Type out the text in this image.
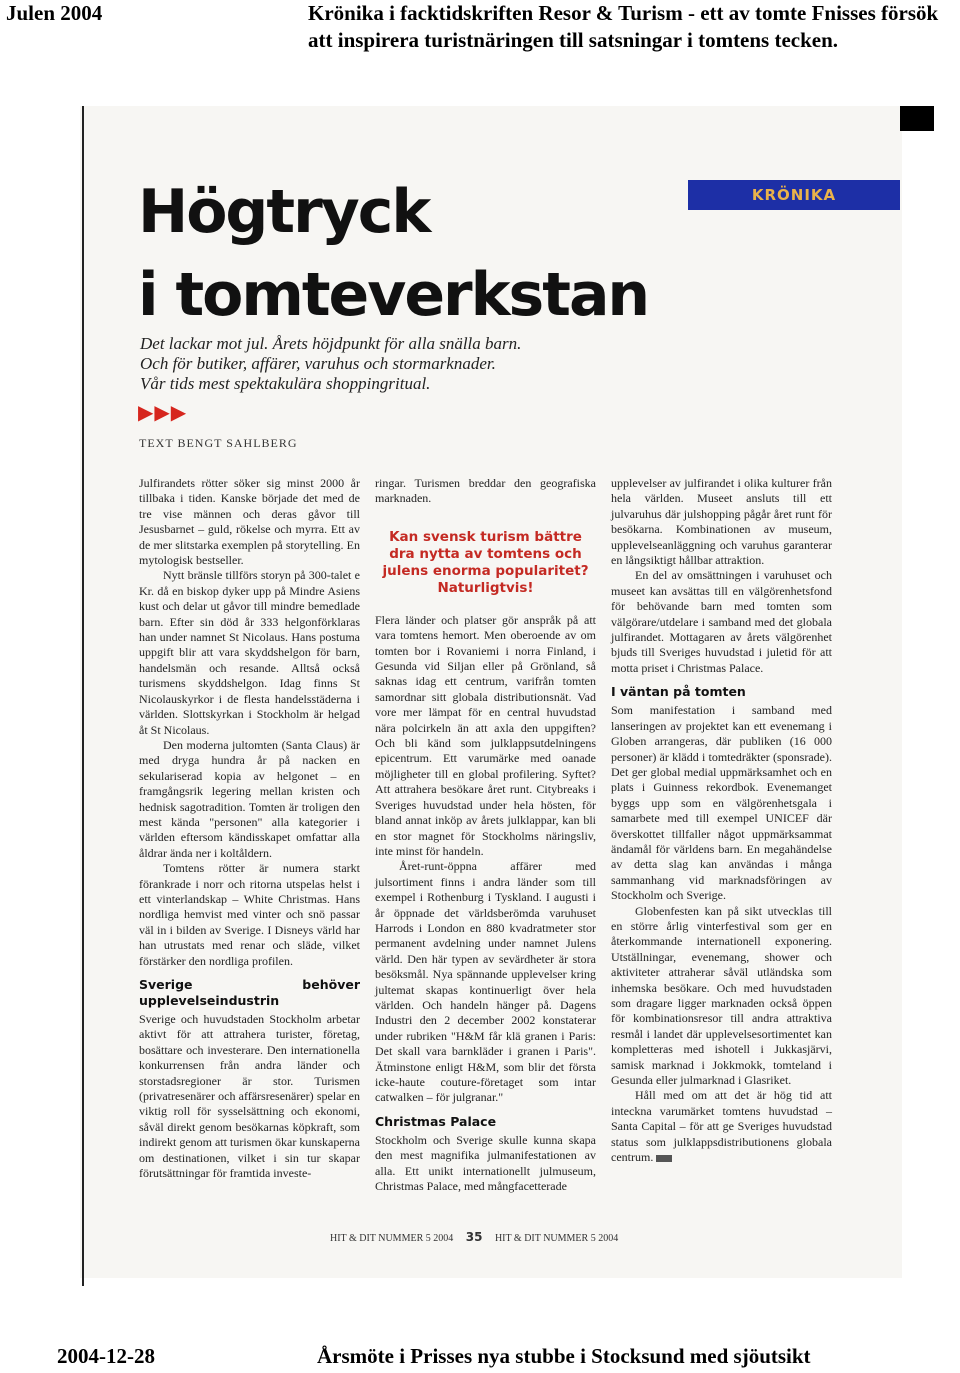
Julen 2004	Krönika i facktidskriften Resor & Turism - ett av tomte Fnisses försök att inspirera turistnäringen till satsningar i tomtens tecken.
KRÖNIKA
Högtryck
i tomteverkstan
Det lackar mot jul. Årets höjdpunkt för alla snälla barn.
Och för butiker, affärer, varuhus och stormarknader.
Vår tids mest spektakulära shoppingritual.
▶▶▶
TEXT BENGT SAHLBERG

Julfirandets rötter söker sig minst 2000 år tillbaka i tiden. Kanske började det med de tre vise männen och deras gåvor till Jesusbarnet – guld, rökelse och myrra. Ett av de mer slitstarka exemplen på storytelling. En mytologisk bestseller.

Nytt bränsle tillförs storyn på 300-talet e Kr. då en biskop dyker upp på Mindre Asiens kust och delar ut gåvor till mindre bemedlade barn. Efter sin död år 333 helgonförklaras han under namnet St Nicolaus. Hans postuma uppgift blir att vara skyddshelgon för barn, handelsmän och resande. Alltså också turismens skyddshelgon. Idag finns St Nicolauskyrkor i de flesta handelsstäderna i världen. Slottskyrkan i Stockholm är helgad åt St Nicolaus.

Den moderna jultomten (Santa Claus) är med dryga hundra år på nacken en sekulariserad kopia av helgonet – en framgångsrik legering mellan kristen och hednisk sagotradition. Tomten är troligen den mest kända "personen" alla kategorier i världen eftersom kändisskapet omfattar alla åldrar ända ner i koltåldern.

Tomtens rötter är numera starkt förankrade i norr och ritorna utspelas helst i ett vinterlandskap – White Christmas. Hans nordliga hemvist med vinter och snö passar väl in i bilden av Sverige. I Disneys värld har han utrustats med renar och släde, vilket förstärker den nordliga profilen.

Sverige behöver upplevelseindustrin

Sverige och huvudstaden Stockholm arbetar aktivt för att attrahera turister, företag, bosättare och investerare. Den internationella konkurrensen från andra länder och storstadsregioner är stor. Turismen (privatresenärer och affärsresenärer) spelar en viktig roll för sysselsättning och ekonomi, såväl direkt genom besökarnas köpkraft, som indirekt genom att turismen ökar kunskaperna om destinationen, vilket i sin tur skapar förutsättningar för framtida investe-

ringar. Turismen breddar den geografiska marknaden.

Kan svensk turism bättre dra nytta av tomtens och julens enorma popularitet? Naturligtvis!

Flera länder och platser gör anspråk på att vara tomtens hemort. Men oberoende av om tomten bor i Rovaniemi i norra Finland, i Gesunda vid Siljan eller på Grönland, så saknas idag ett centrum, varifrån tomten samordnar sitt globala distributionsnät. Vad vore mer lämpat för en central huvudstad nära polcirkeln än att axla den uppgiften? Och bli känd som julklappsutdelningens epicentrum. Ett varumärke med oanade möjligheter till en global profilering. Syftet? Att attrahera besökare året runt. Citybreaks i Sveriges huvudstad under hela hösten, för bland annat inköp av årets julklappar, kan bli en stor magnet för Stockholms näringsliv, inte minst för handeln.

Året-runt-öppna affärer med julsortiment finns i andra länder som till exempel i Rothenburg i Tyskland. I augusti i år öppnade det världsberömda varuhuset Harrods i London en 880 kvadratmeter stor permanent avdelning under namnet Julens värld. Den här typen av sevärdheter är stora besöksmål. Nya spännande upplevelser kring jultemat skapas kontinuerligt över hela världen. Och handeln hänger på. Dagens Industri den 2 december 2002 konstaterar under rubriken "H&M får klä granen i Paris: Det skall vara barnkläder i granen i Paris". Ätminstone enligt H&M, som blir det första icke-haute couture-företaget som intar catwalken – för julgranar."

Christmas Palace

Stockholm och Sverige skulle kunna skapa den mest magnifika julmanifestationen av alla. Ett unikt internationellt julmuseum, Christmas Palace, med mångfacetterade

upplevelser av julfirandet i olika kulturer från hela världen. Museet ansluts till ett julvaruhus där julshopping pågår året runt för besökarna. Kombinationen av museum, upplevelseanläggning och varuhus garanterar en långsiktigt hållbar attraktion.

En del av omsättningen i varuhuset och museet kan avsättas till en välgörenhetsfond för behövande barn med tomten som välgörare/utdelare i samband med det globala julfirandet. Mottagaren av årets välgörenhet bjuds till Sveriges huvudstad i juletid för att motta priset i Christmas Palace.

I väntan på tomten

Som manifestation i samband med lanseringen av projektet kan ett evenemang i Globen arrangeras, där publiken (16 000 personer) är klädd i tomtedräkter (sponsrade). Det ger global medial uppmärksamhet och en plats i Guinness rekordbok. Evenemanget byggs upp som en välgörenhetsgala i samarbete med till exempel UNICEF där överskottet tillfaller något uppmärksammat ändamål för världens barn. En megahändelse av detta slag kan användas i många sammanhang vid marknadsföringen av Stockholm och Sverige.

Globenfesten kan på sikt utvecklas till en större årlig vinterfestival som ger en återkommande internationell exponering. Utställningar, evenemang, shower och aktiviteter attraherar såväl utländska som inhemska besökare. Och med huvudstaden som dragare ligger marknaden också öppen för kombinationsresor till andra attraktiva resmål i landet där upplevelsesortimentet kan kompletteras med ishotell i Jukkasjärvi, samisk marknad i Jokkmokk, tomteland i Gesunda eller julmarknad i Glasriket.

Håll med om att det är hög tid att inteckna varumärket tomtens huvudstad – Santa Capital – för att ge Sveriges huvudstad status som julklappsdistributionens globala centrum.

HIT & DIT NUMMER 5 2004 35 HIT & DIT NUMMER 5 2004
2004-12-28	Årsmöte i Prisses nya stubbe i Stocksund med sjöutsikt
